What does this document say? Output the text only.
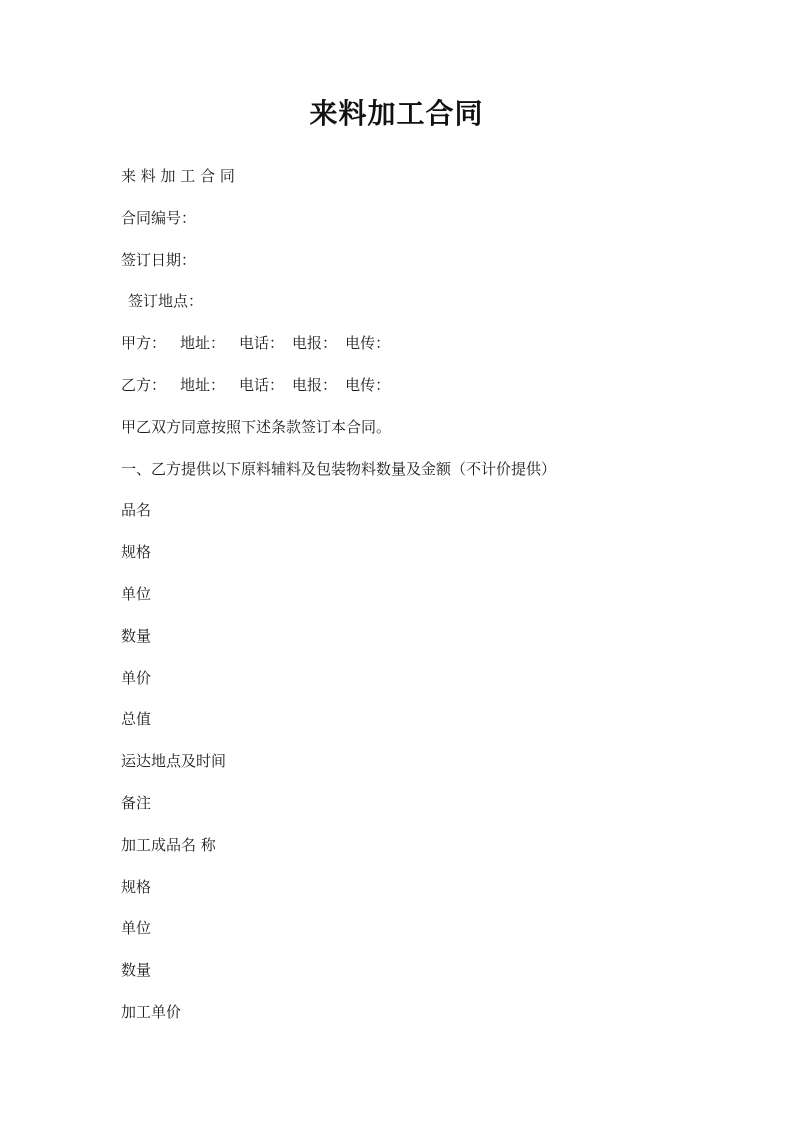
来料加工合同
来 料 加 工 合 同
合同编号：
签订日期：
签订地点：
甲方： 地址： 电话： 电报： 电传：
乙方： 地址： 电话： 电报： 电传：
甲乙双方同意按照下述条款签订本合同。
一、乙方提供以下原料辅料及包装物料数量及金额（不计价提供）
品名
规格
单位
数量
单价
总值
运达地点及时间
备注
加工成品名 称
规格
单位
数量
加工单价
